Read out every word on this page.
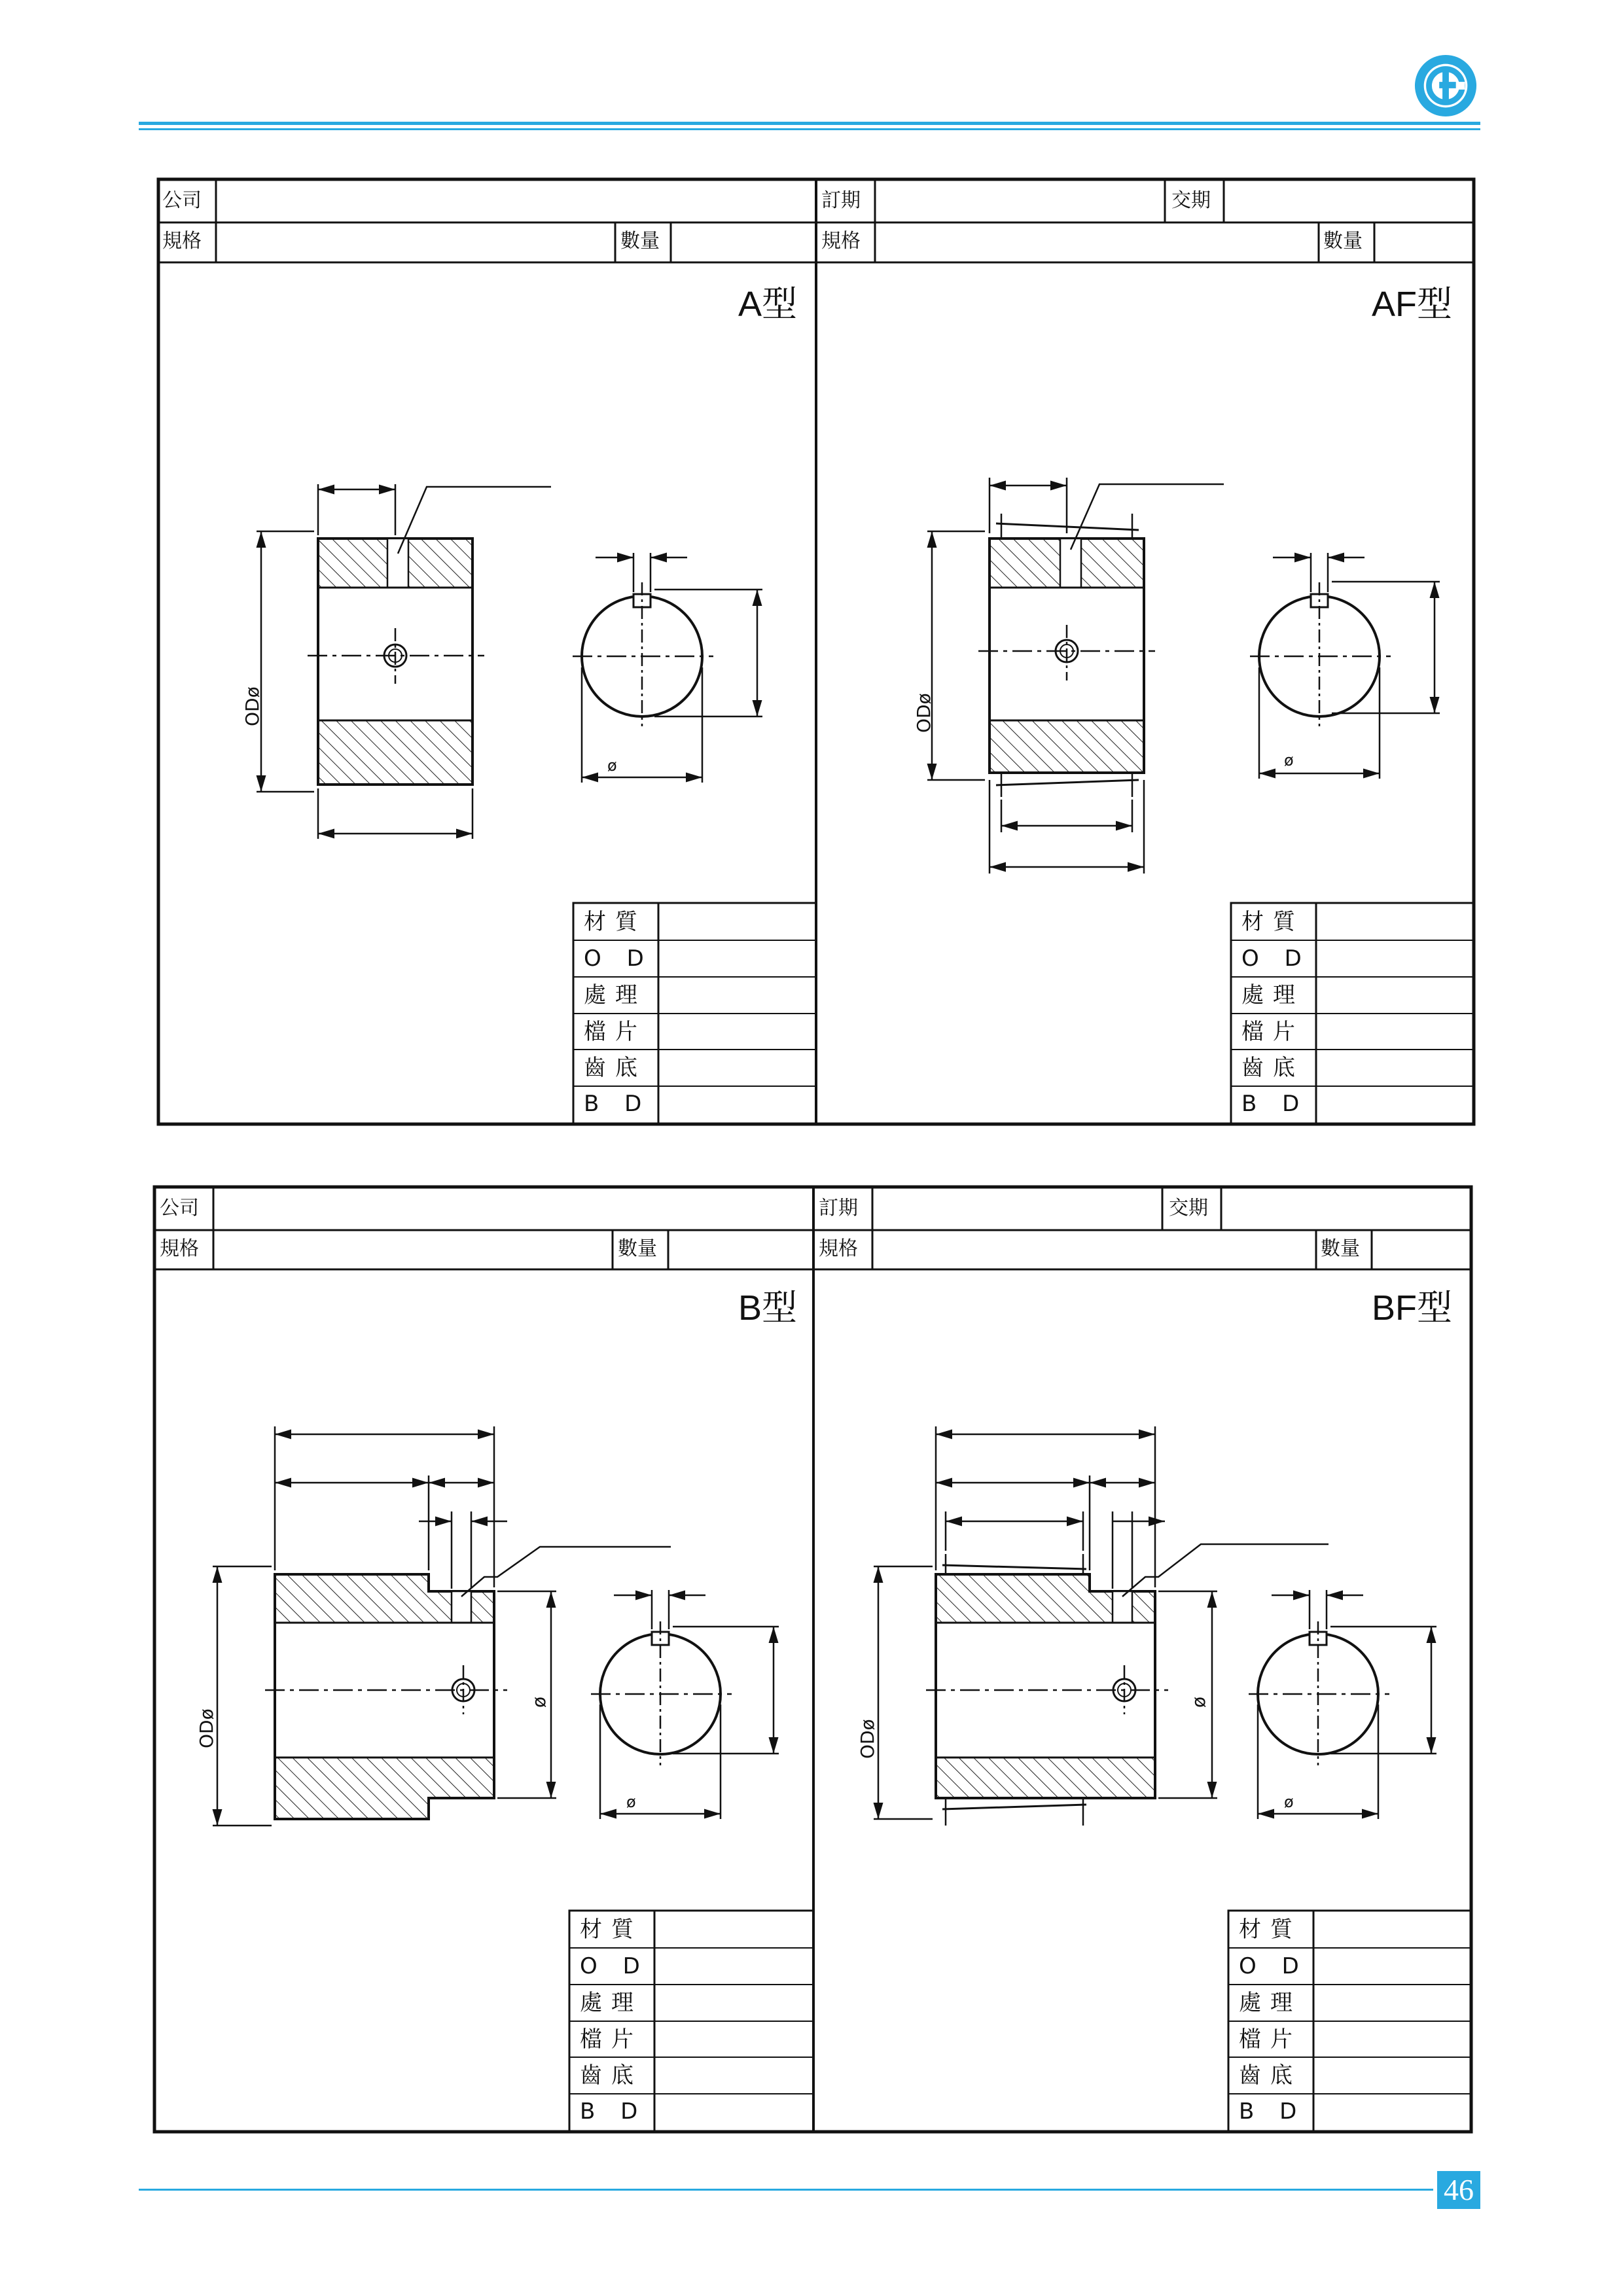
公司
規格	數量
訂期	交期
規格	數量
A型	AF型
ODø	ODø
ø	ø
材質
O D
處理
檔片
齒底
B D
材質
O D
處理
檔片
齒底
B D
公司
規格	數量
訂期	交期
規格	數量
B型	BF型
ODø	ODø
ø	ø
ø	ø
材質
O D
處理
檔片
齒底
B D
材質
O D
處理
檔片
齒底
B D
46
